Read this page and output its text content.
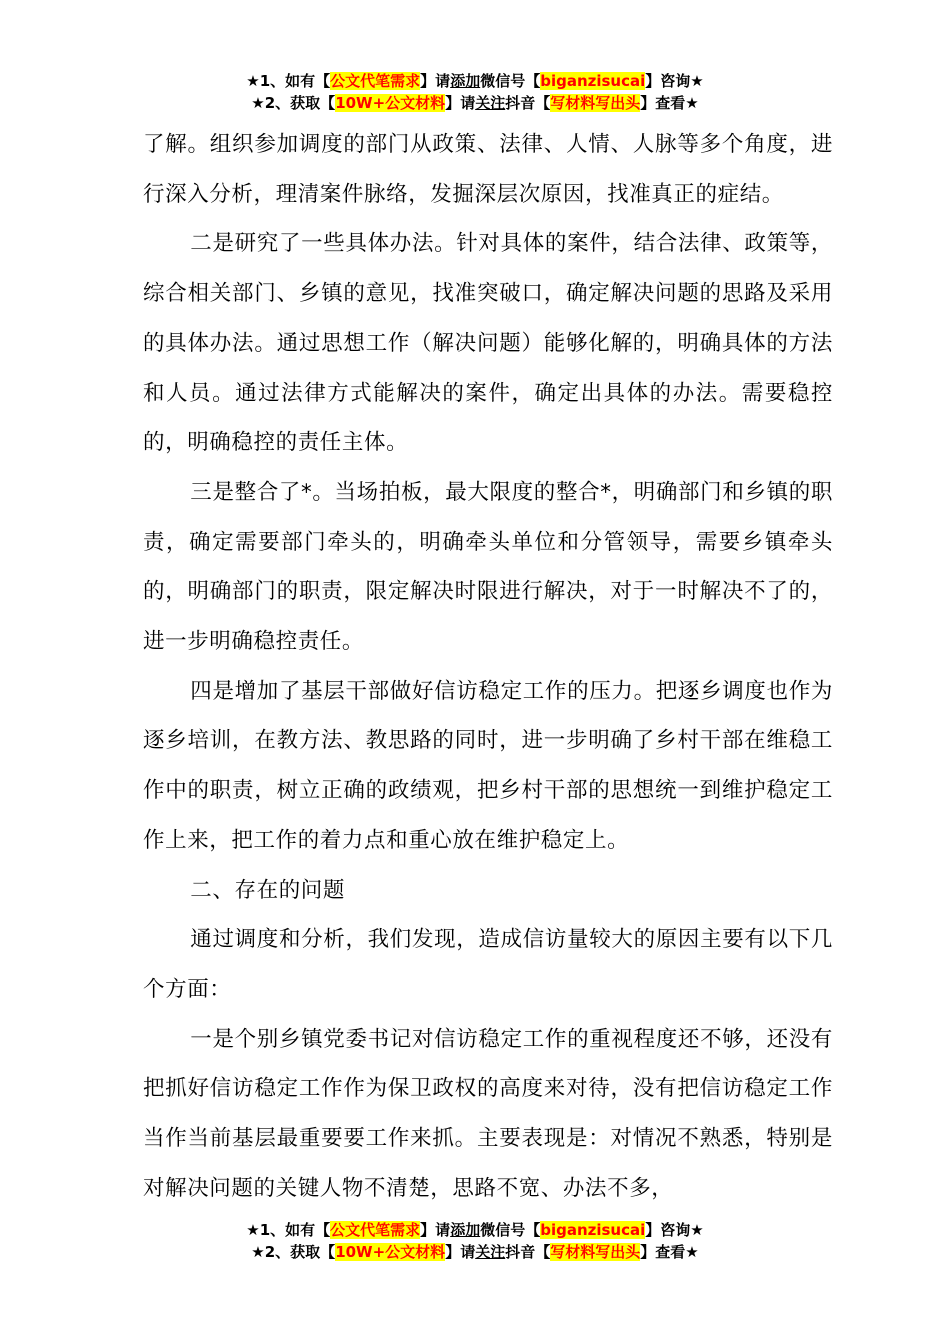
★1、如有【公文代笔需求】请添加微信号【biganzisucai】咨询★
★2、获取【10W+公文材料】请关注抖音【写材料写出头】查看★

了解。组织参加调度的部门从政策、法律、人情、人脉等多个角度，进行深入分析，理清案件脉络，发掘深层次原因，找准真正的症结。

二是研究了一些具体办法。针对具体的案件，结合法律、政策等，综合相关部门、乡镇的意见，找准突破口，确定解决问题的思路及采用的具体办法。通过思想工作（解决问题）能够化解的，明确具体的方法和人员。通过法律方式能解决的案件，确定出具体的办法。需要稳控的，明确稳控的责任主体。

三是整合了*。当场拍板，最大限度的整合*，明确部门和乡镇的职责，确定需要部门牵头的，明确牵头单位和分管领导，需要乡镇牵头的，明确部门的职责，限定解决时限进行解决，对于一时解决不了的，进一步明确稳控责任。

四是增加了基层干部做好信访稳定工作的压力。把逐乡调度也作为逐乡培训，在教方法、教思路的同时，进一步明确了乡村干部在维稳工作中的职责，树立正确的政绩观，把乡村干部的思想统一到维护稳定工作上来，把工作的着力点和重心放在维护稳定上。

二、存在的问题

通过调度和分析，我们发现，造成信访量较大的原因主要有以下几个方面：

一是个别乡镇党委书记对信访稳定工作的重视程度还不够，还没有把抓好信访稳定工作作为保卫政权的高度来对待，没有把信访稳定工作当作当前基层最重要要工作来抓。主要表现是：对情况不熟悉，特别是对解决问题的关键人物不清楚，思路不宽、办法不多，

★1、如有【公文代笔需求】请添加微信号【biganzisucai】咨询★
★2、获取【10W+公文材料】请关注抖音【写材料写出头】查看★
